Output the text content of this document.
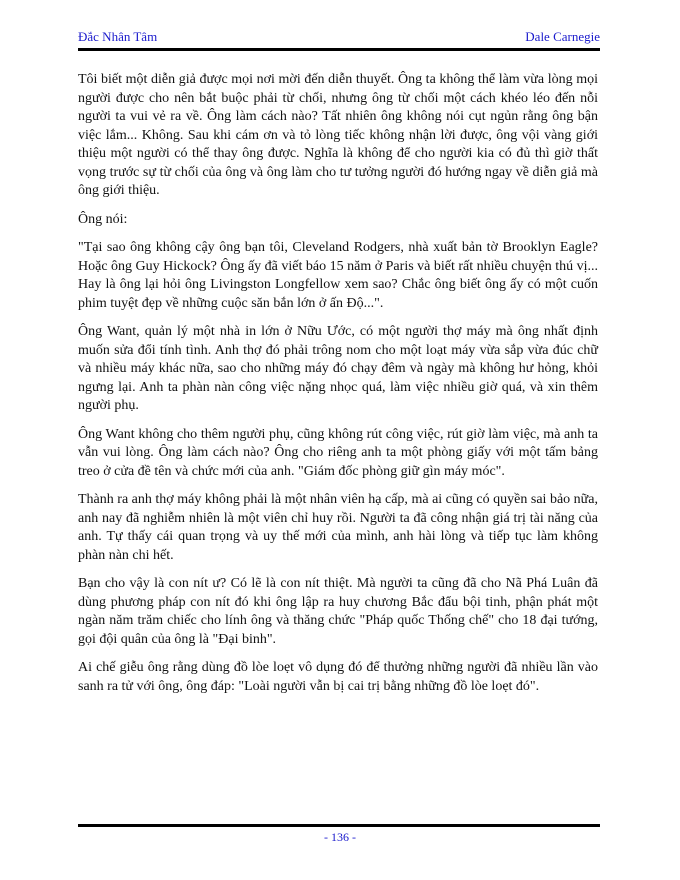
Đắc Nhân Tâm	Dale Carnegie

Tôi biết một diễn giả được mọi nơi mời đến diễn thuyết. Ông ta không thể làm vừa lòng mọi người được cho nên bắt buộc phải từ chối, nhưng ông từ chối một cách khéo léo đến nỗi người ta vui vẻ ra về. Ông làm cách nào? Tất nhiên ông không nói cụt ngủn rằng ông bận việc lắm... Không. Sau khi cám ơn và tỏ lòng tiếc không nhận lời được, ông vội vàng giới thiệu một người có thể thay ông được. Nghĩa là không để cho người kia có đủ thì giờ thất vọng trước sự từ chối của ông và ông làm cho tư tưởng người đó hướng ngay về diễn giả mà ông giới thiệu.

Ông nói:

"Tại sao ông không cậy ông bạn tôi, Cleveland Rodgers, nhà xuất bản tờ Brooklyn Eagle? Hoặc ông Guy Hickock? Ông ấy đã viết báo 15 năm ở Paris và biết rất nhiều chuyện thú vị... Hay là ông lại hỏi ông Livingston Longfellow xem sao? Chắc ông biết ông ấy có một cuốn phim tuyệt đẹp về những cuộc săn bắn lớn ở ấn Độ...".

Ông Want, quản lý một nhà in lớn ở Nữu Ước, có một người thợ máy mà ông nhất định muốn sửa đổi tính tình. Anh thợ đó phải trông nom cho một loạt máy vừa sắp vừa đúc chữ và nhiều máy khác nữa, sao cho những máy đó chạy đêm và ngày mà không hư hỏng, khỏi ngưng lại. Anh ta phàn nàn công việc nặng nhọc quá, làm việc nhiều giờ quá, và xin thêm người phụ.

Ông Want không cho thêm người phụ, cũng không rút công việc, rút giờ làm việc, mà anh ta vẫn vui lòng. Ông làm cách nào? Ông cho riêng anh ta một phòng giấy với một tấm bảng treo ở cửa đề tên và chức mới của anh. "Giám đốc phòng giữ gìn máy móc".

Thành ra anh thợ máy không phải là một nhân viên hạ cấp, mà ai cũng có quyền sai bảo nữa, anh nay đã nghiễm nhiên là một viên chỉ huy rồi. Người ta đã công nhận giá trị tài năng của anh. Tự thấy cái quan trọng và uy thế mới của mình, anh hài lòng và tiếp tục làm không phàn nàn chi hết.

Bạn cho vậy là con nít ư? Có lẽ là con nít thiệt. Mà người ta cũng đã cho Nã Phá Luân đã dùng phương pháp con nít đó khi ông lập ra huy chương Bắc đẩu bội tinh, phận phát một ngàn năm trăm chiếc cho lính ông và thăng chức "Pháp quốc Thống chế" cho 18 đại tướng, gọi đội quân của ông là "Đại binh".

Ai chế giễu ông rằng dùng đồ lòe loẹt vô dụng đó để thưởng những người đã nhiều lần vào sanh ra tử với ông, ông đáp: "Loài người vẫn bị cai trị bằng những đồ lòe loẹt đó".

- 136 -
